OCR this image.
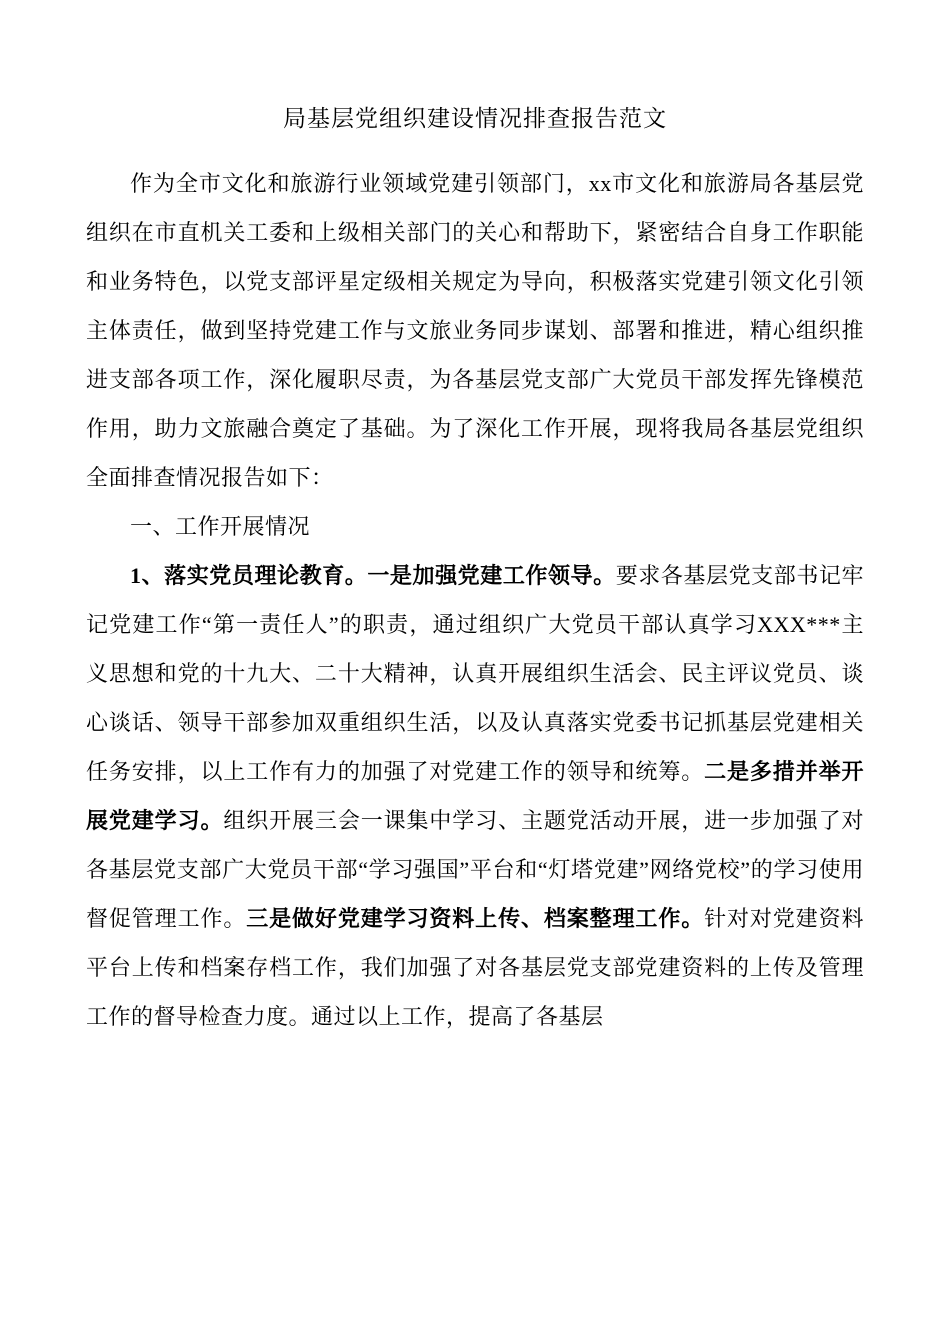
局基层党组织建设情况排查报告范文

作为全市文化和旅游行业领域党建引领部门，xx市文化和旅游局各基层党组织在市直机关工委和上级相关部门的关心和帮助下，紧密结合自身工作职能和业务特色，以党支部评星定级相关规定为导向，积极落实党建引领文化引领主体责任，做到坚持党建工作与文旅业务同步谋划、部署和推进，精心组织推进支部各项工作，深化履职尽责，为各基层党支部广大党员干部发挥先锋模范作用，助力文旅融合奠定了基础。为了深化工作开展，现将我局各基层党组织全面排查情况报告如下：

一、工作开展情况

1、落实党员理论教育。一是加强党建工作领导。要求各基层党支部书记牢记党建工作“第一责任人”的职责，通过组织广大党员干部认真学习XXX***主义思想和党的十九大、二十大精神，认真开展组织生活会、民主评议党员、谈心谈话、领导干部参加双重组织生活，以及认真落实党委书记抓基层党建相关任务安排，以上工作有力的加强了对党建工作的领导和统筹。二是多措并举开展党建学习。组织开展三会一课集中学习、主题党活动开展，进一步加强了对各基层党支部广大党员干部“学习强国”平台和“灯塔党建”网络党校”的学习使用督促管理工作。三是做好党建学习资料上传、档案整理工作。针对对党建资料平台上传和档案存档工作，我们加强了对各基层党支部党建资料的上传及管理工作的督导检查力度。通过以上工作，提高了各基层
